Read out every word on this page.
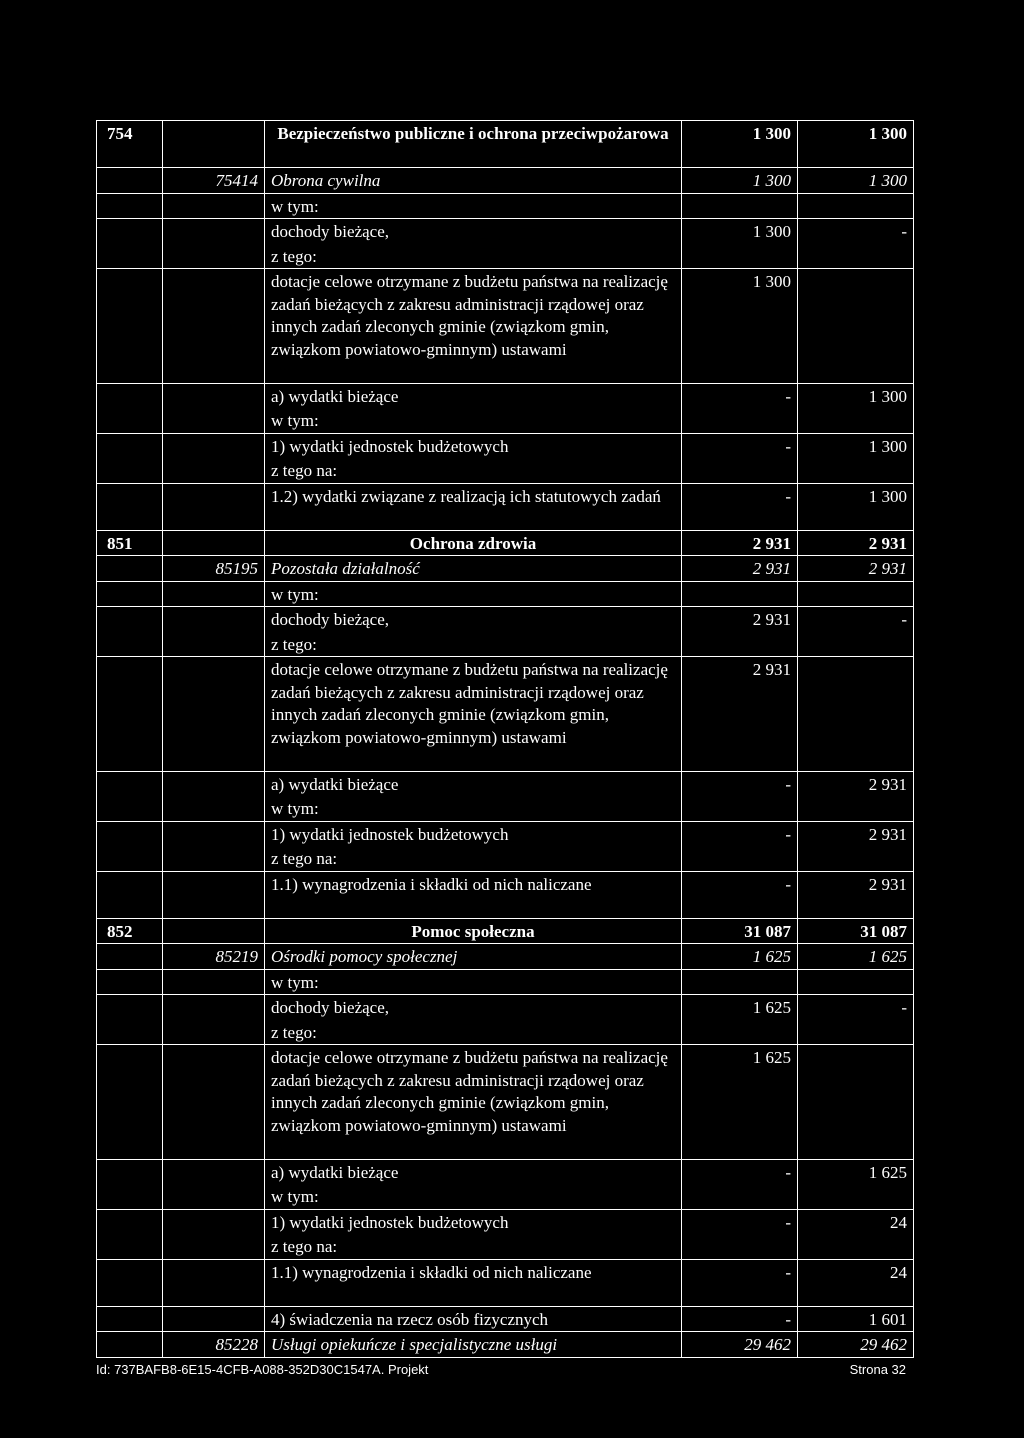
754		Bezpieczeństwo publiczne i ochrona przeciwpożarowa	1 300	1 300
	75414	Obrona cywilna	1 300	1 300
		w tym:		
		dochody bieżące,	1 300	-
		z tego:		
		dotacje celowe otrzymane z budżetu państwa na realizację zadań bieżących z zakresu administracji rządowej oraz innych zadań zleconych gminie (związkom gmin, związkom powiatowo-gminnym) ustawami	1 300	
		a) wydatki bieżące	-	1 300
		w tym:		
		1) wydatki jednostek budżetowych	-	1 300
		z tego na:		
		1.2) wydatki związane z realizacją ich statutowych zadań	-	1 300
851		Ochrona zdrowia	2 931	2 931
	85195	Pozostała działalność	2 931	2 931
		w tym:		
		dochody bieżące,	2 931	-
		z tego:		
		dotacje celowe otrzymane z budżetu państwa na realizację zadań bieżących z zakresu administracji rządowej oraz innych zadań zleconych gminie (związkom gmin, związkom powiatowo-gminnym) ustawami	2 931	
		a) wydatki bieżące	-	2 931
		w tym:		
		1) wydatki jednostek budżetowych	-	2 931
		z tego na:		
		1.1) wynagrodzenia i składki od nich naliczane	-	2 931
852		Pomoc społeczna	31 087	31 087
	85219	Ośrodki pomocy społecznej	1 625	1 625
		w tym:		
		dochody bieżące,	1 625	-
		z tego:		
		dotacje celowe otrzymane z budżetu państwa na realizację zadań bieżących z zakresu administracji rządowej oraz innych zadań zleconych gminie (związkom gmin, związkom powiatowo-gminnym) ustawami	1 625	
		a) wydatki bieżące	-	1 625
		w tym:		
		1) wydatki jednostek budżetowych	-	24
		z tego na:		
		1.1) wynagrodzenia i składki od nich naliczane	-	24
		4) świadczenia na rzecz osób fizycznych	-	1 601
	85228	Usługi opiekuńcze i specjalistyczne usługi	29 462	29 462
Id: 737BAFB8-6E15-4CFB-A088-352D30C1547A. Projekt	Strona 32
